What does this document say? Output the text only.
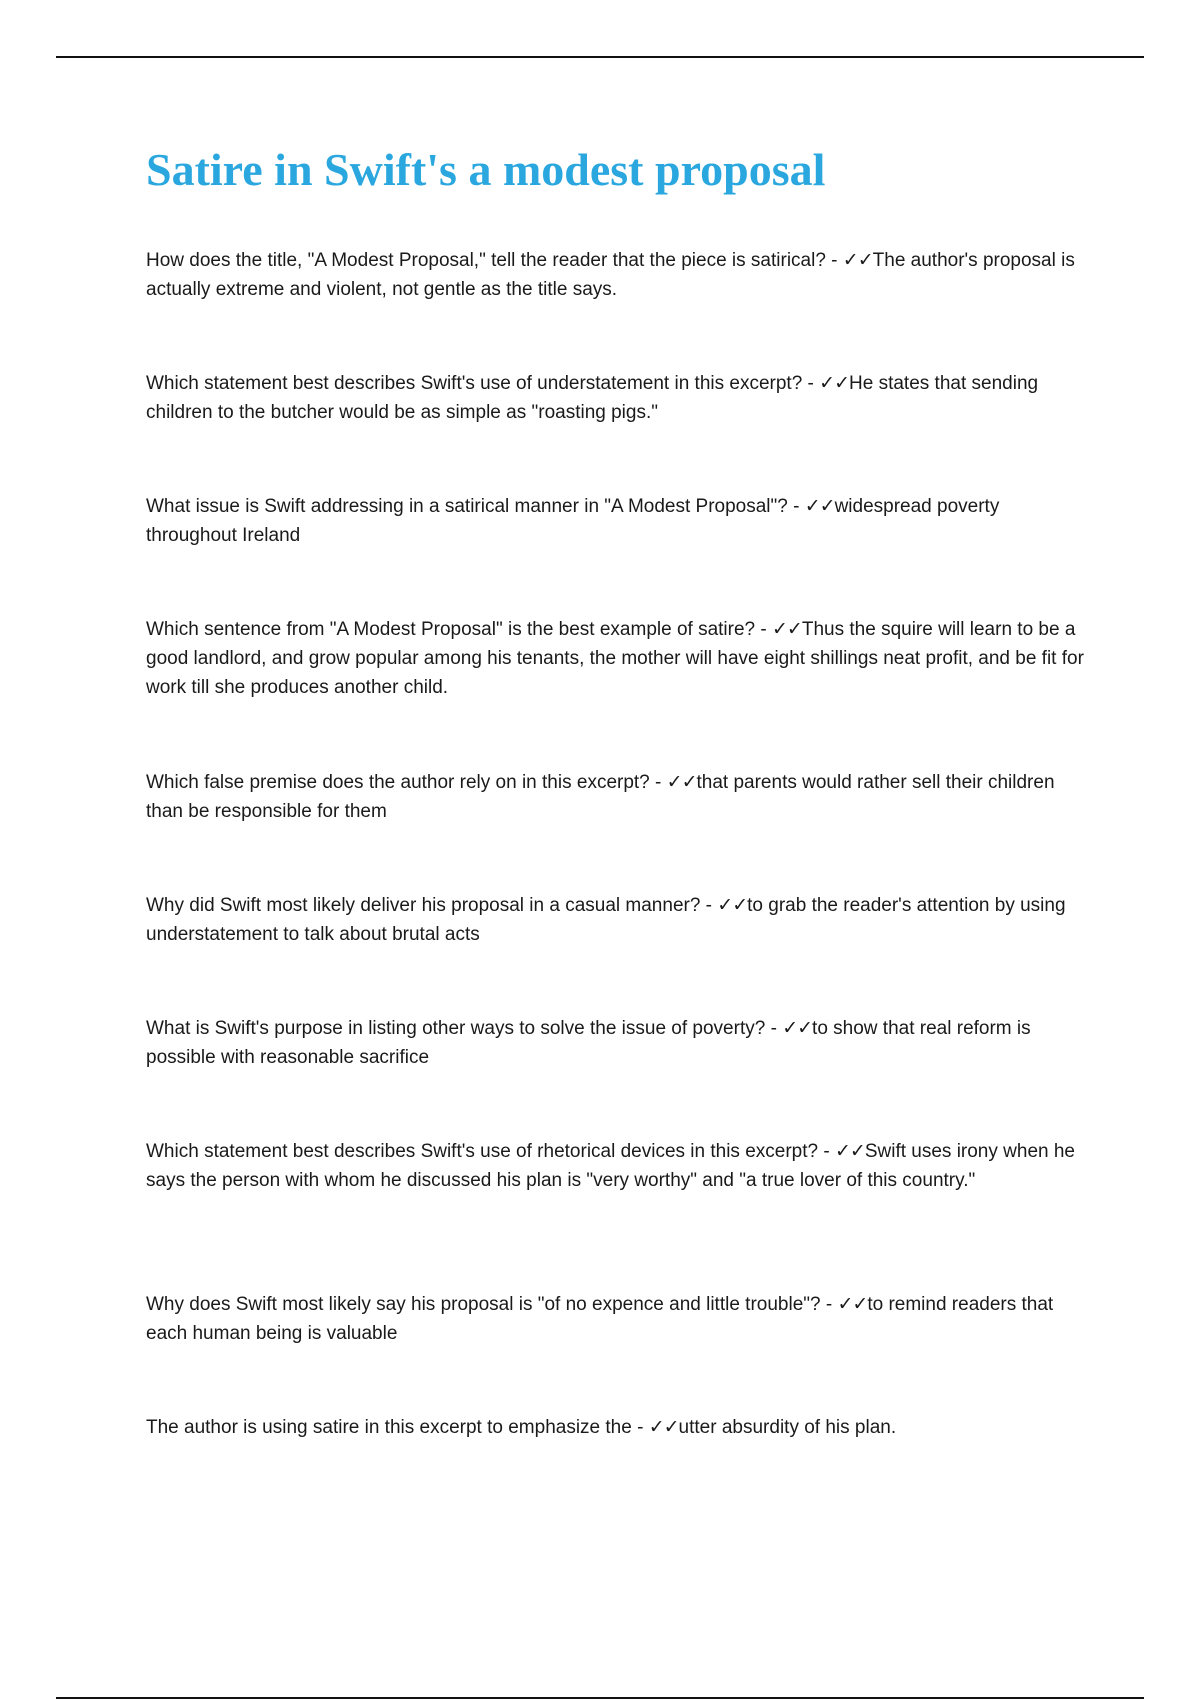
Satire in Swift's a modest proposal
How does the title, "A Modest Proposal," tell the reader that the piece is satirical? - ✓✓The author's proposal is actually extreme and violent, not gentle as the title says.
Which statement best describes Swift's use of understatement in this excerpt? - ✓✓He states that sending children to the butcher would be as simple as "roasting pigs."
What issue is Swift addressing in a satirical manner in "A Modest Proposal"? - ✓✓widespread poverty throughout Ireland
Which sentence from "A Modest Proposal" is the best example of satire? - ✓✓Thus the squire will learn to be a good landlord, and grow popular among his tenants, the mother will have eight shillings neat profit, and be fit for work till she produces another child.
Which false premise does the author rely on in this excerpt? - ✓✓that parents would rather sell their children than be responsible for them
Why did Swift most likely deliver his proposal in a casual manner? - ✓✓to grab the reader's attention by using understatement to talk about brutal acts
What is Swift's purpose in listing other ways to solve the issue of poverty? - ✓✓to show that real reform is possible with reasonable sacrifice
Which statement best describes Swift's use of rhetorical devices in this excerpt? - ✓✓Swift uses irony when he says the person with whom he discussed his plan is "very worthy" and "a true lover of this country."
Why does Swift most likely say his proposal is "of no expence and little trouble"? - ✓✓to remind readers that each human being is valuable
The author is using satire in this excerpt to emphasize the - ✓✓utter absurdity of his plan.
